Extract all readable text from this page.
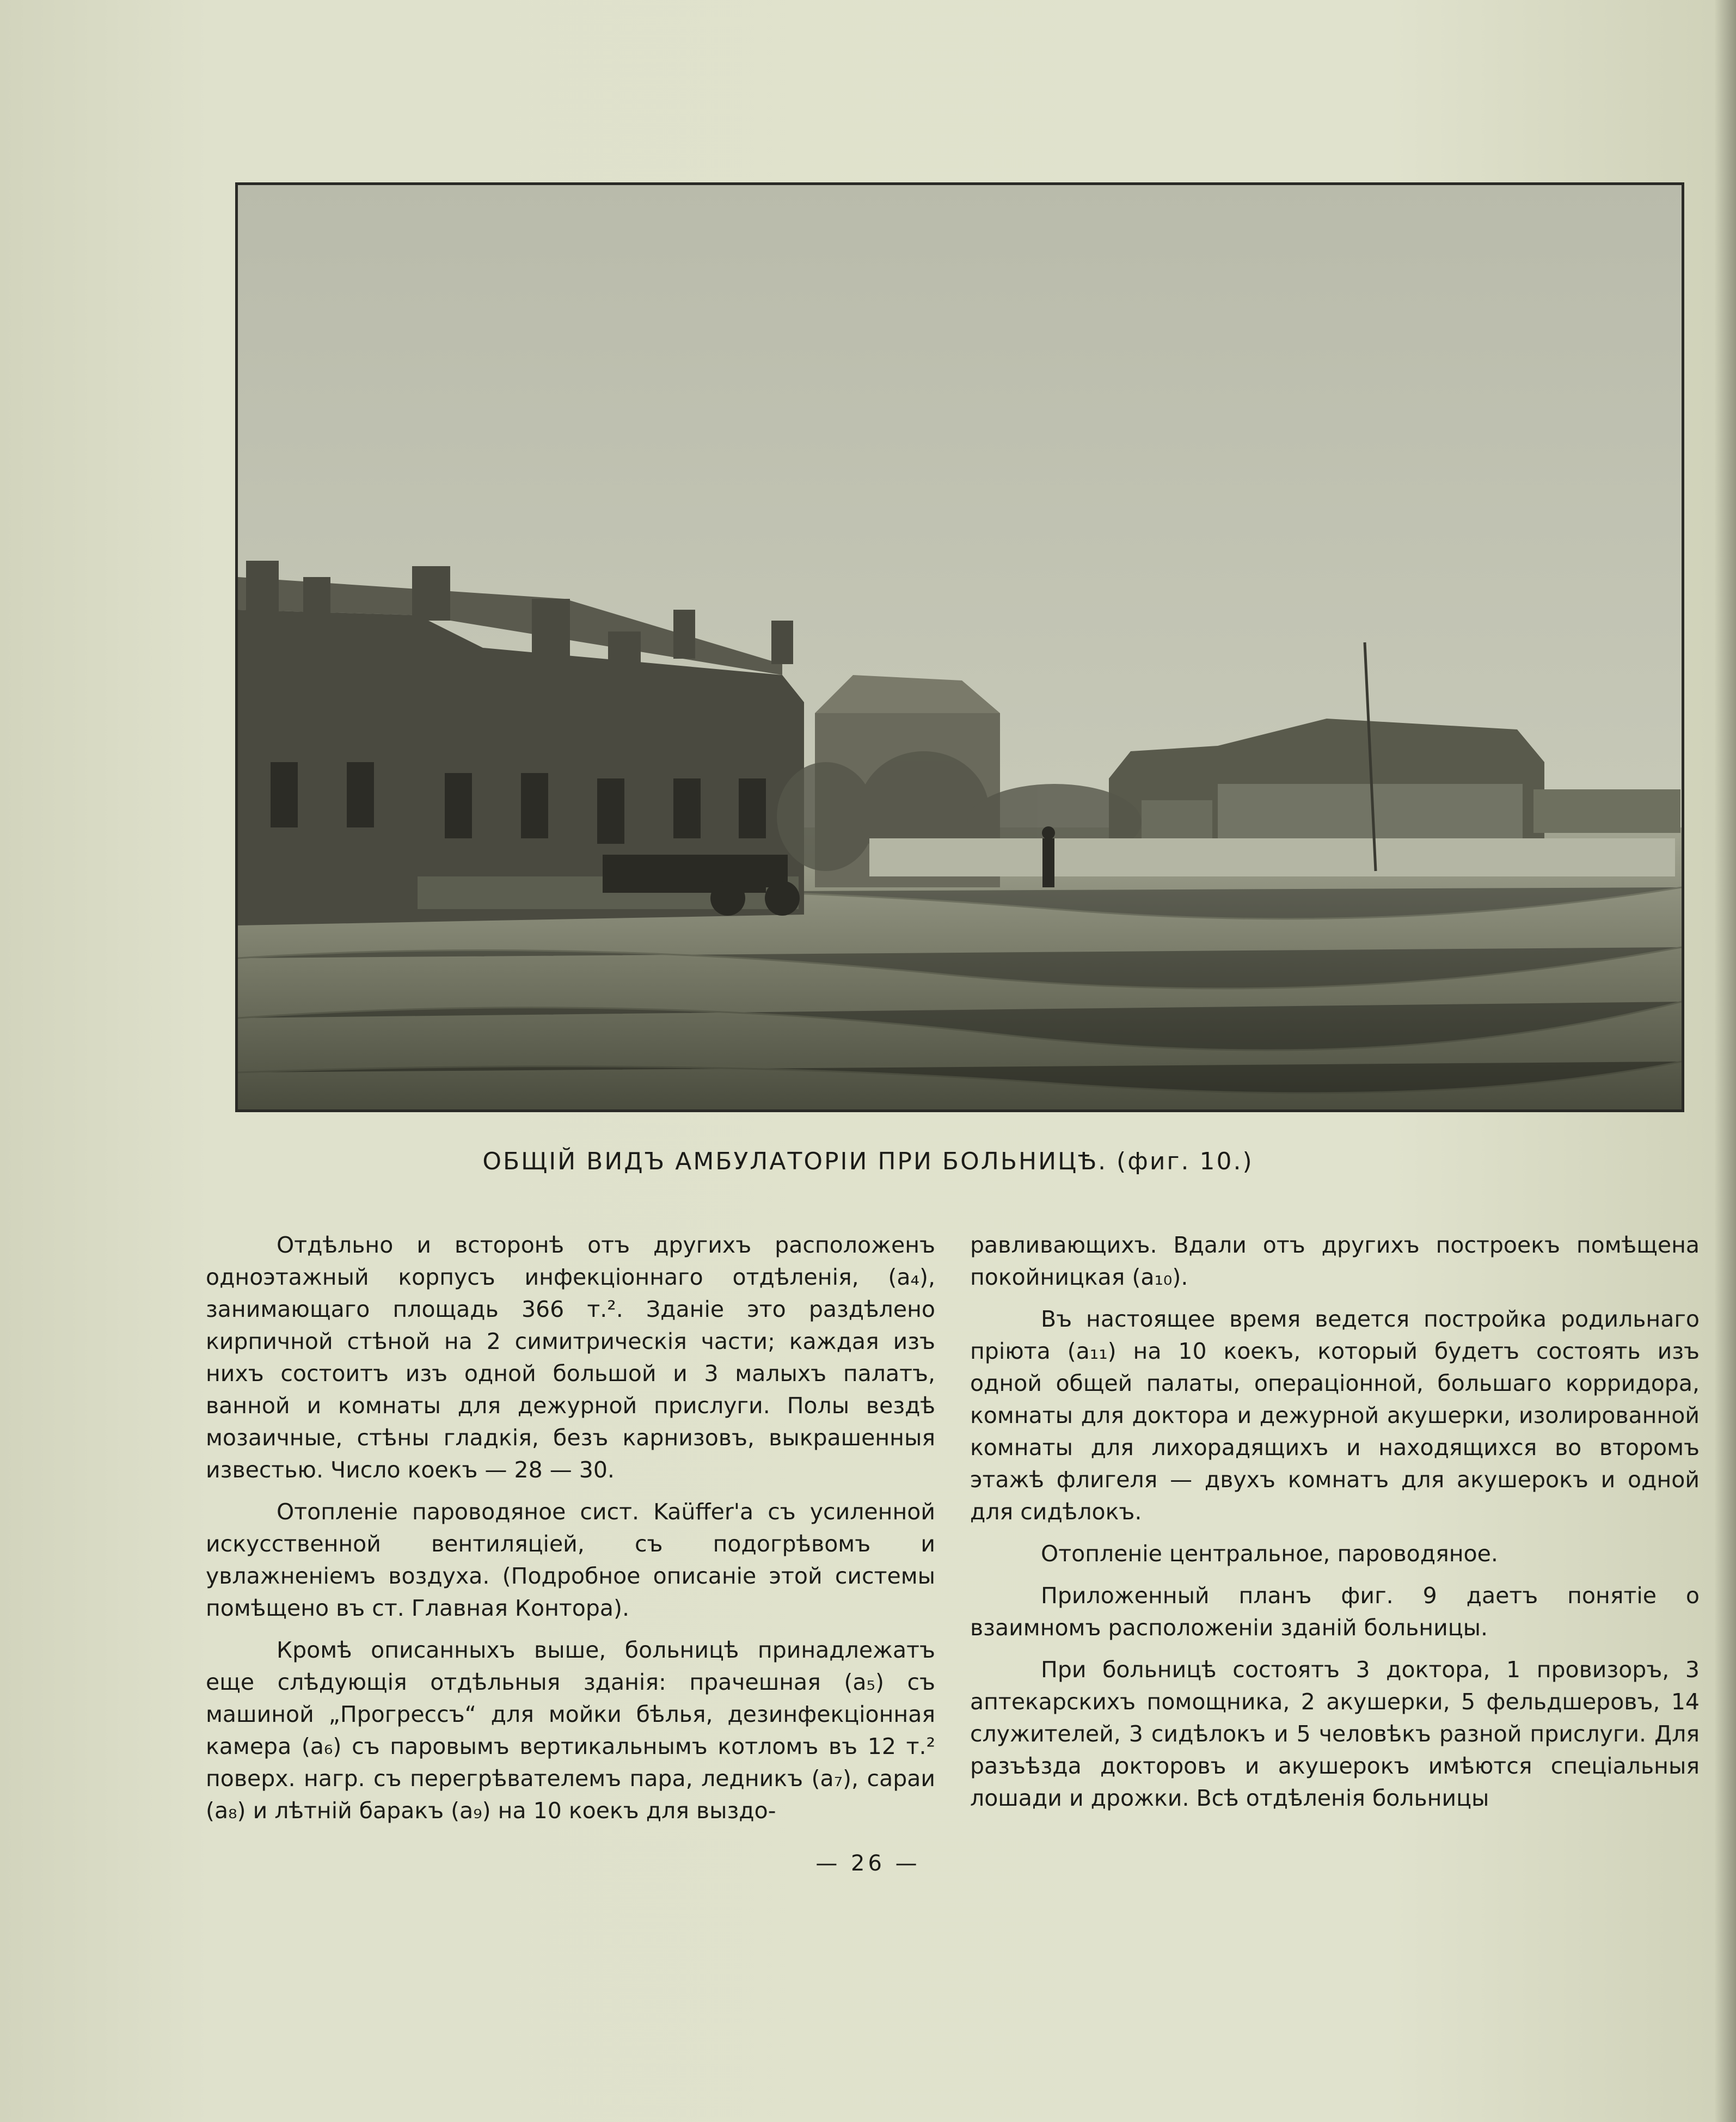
ОБЩІЙ ВИДЪ АМБУЛАТОРІИ ПРИ БОЛЬНИЦѢ. (фиг. 10.)

Отдѣльно и всторонѣ отъ другихъ расположенъ одноэтажный корпусъ инфекціоннаго отдѣленія, (а₄), занимающаго площадь 366 т.². Зданіе это раздѣлено кирпичной стѣной на 2 симитрическія части; каждая изъ нихъ состоитъ изъ одной большой и 3 малыхъ палатъ, ванной и комнаты для дежурной прислуги. Полы вездѣ мозаичные, стѣны гладкія, безъ карнизовъ, выкрашенныя известью. Число коекъ — 28 — 30.

Отопленіе пароводяное сист. Kaüffer'a съ усиленной искусственной вентиляціей, съ подогрѣвомъ и увлажненіемъ воздуха. (Подробное описаніе этой системы помѣщено въ ст. Главная Контора).

Кромѣ описанныхъ выше, больницѣ принадлежатъ еще слѣдующія отдѣльныя зданія: прачешная (а₅) съ машиной „Прогрессъ“ для мойки бѣлья, дезинфекціонная камера (а₆) съ паровымъ вертикальнымъ котломъ въ 12 т.² поверх. нагр. съ перегрѣвателемъ пара, ледникъ (а₇), сараи (а₈) и лѣтній баракъ (а₉) на 10 коекъ для выздо-

равливающихъ. Вдали отъ другихъ построекъ помѣщена покойницкая (а₁₀).

Въ настоящее время ведется постройка родильнаго пріюта (а₁₁) на 10 коекъ, который будетъ состоять изъ одной общей палаты, операціонной, большаго корридора, комнаты для доктора и дежурной акушерки, изолированной комнаты для лихорадящихъ и находящихся во второмъ этажѣ флигеля — двухъ комнатъ для акушерокъ и одной для сидѣлокъ.

Отопленіе центральное, пароводяное.

Приложенный планъ фиг. 9 даетъ понятіе о взаимномъ расположеніи зданій больницы.

При больницѣ состоятъ 3 доктора, 1 провизоръ, 3 аптекарскихъ помощника, 2 акушерки, 5 фельдшеровъ, 14 служителей, 3 сидѣлокъ и 5 человѣкъ разной прислуги. Для разъѣзда докторовъ и акушерокъ имѣются спеціальныя лошади и дрожки. Всѣ отдѣленія больницы

— 26 —
